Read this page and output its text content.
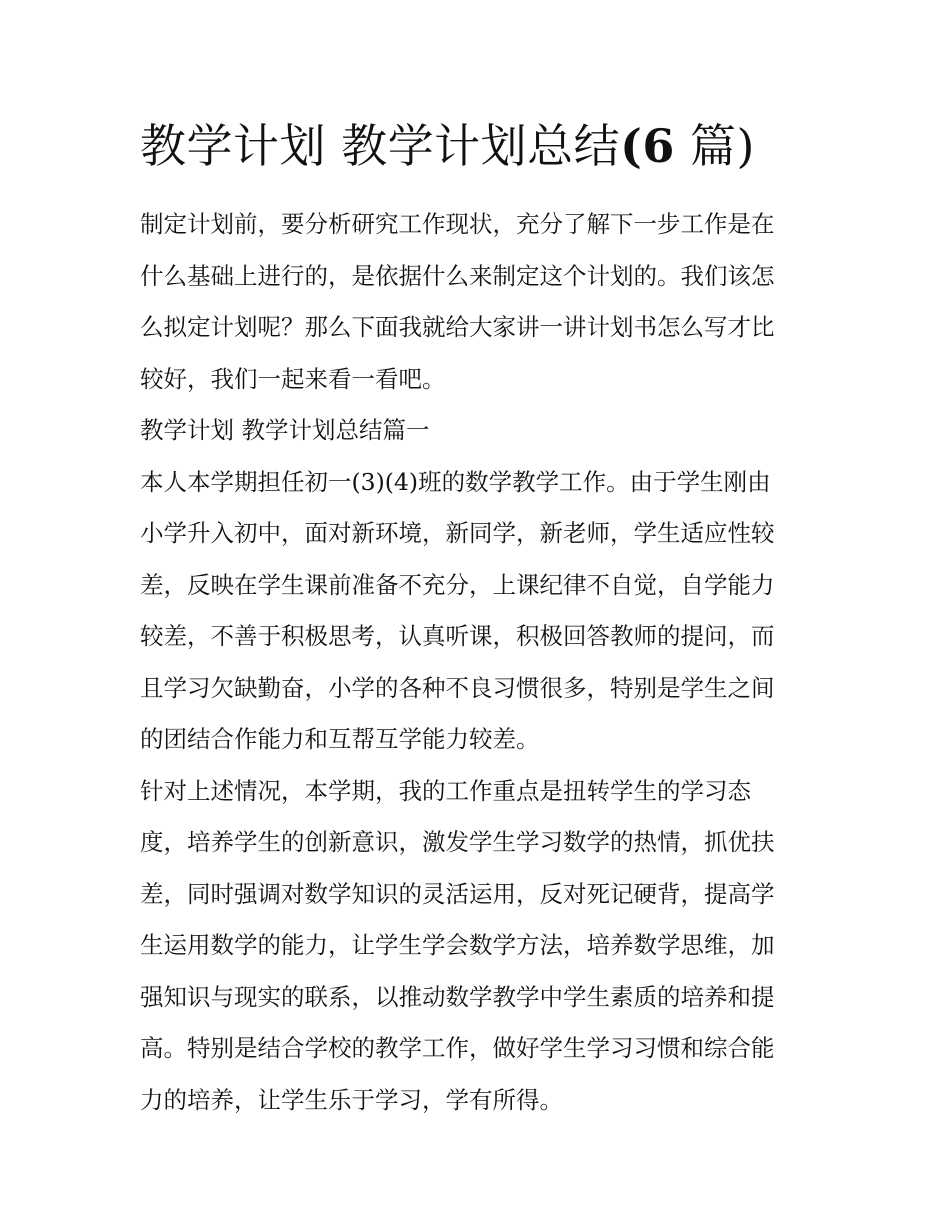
教学计划 教学计划总结(6 篇)

制定计划前，要分析研究工作现状，充分了解下一步工作是在

什么基础上进行的，是依据什么来制定这个计划的。我们该怎

么拟定计划呢？那么下面我就给大家讲一讲计划书怎么写才比

较好，我们一起来看一看吧。

教学计划 教学计划总结篇一

本人本学期担任初一(3)(4)班的数学教学工作。由于学生刚由

小学升入初中，面对新环境，新同学，新老师，学生适应性较

差，反映在学生课前准备不充分，上课纪律不自觉，自学能力

较差，不善于积极思考，认真听课，积极回答教师的提问，而

且学习欠缺勤奋，小学的各种不良习惯很多，特别是学生之间

的团结合作能力和互帮互学能力较差。

针对上述情况，本学期，我的工作重点是扭转学生的学习态

度，培养学生的创新意识，激发学生学习数学的热情，抓优扶

差，同时强调对数学知识的灵活运用，反对死记硬背，提高学

生运用数学的能力，让学生学会数学方法，培养数学思维，加

强知识与现实的联系，以推动数学教学中学生素质的培养和提

高。特别是结合学校的教学工作，做好学生学习习惯和综合能

力的培养，让学生乐于学习，学有所得。
